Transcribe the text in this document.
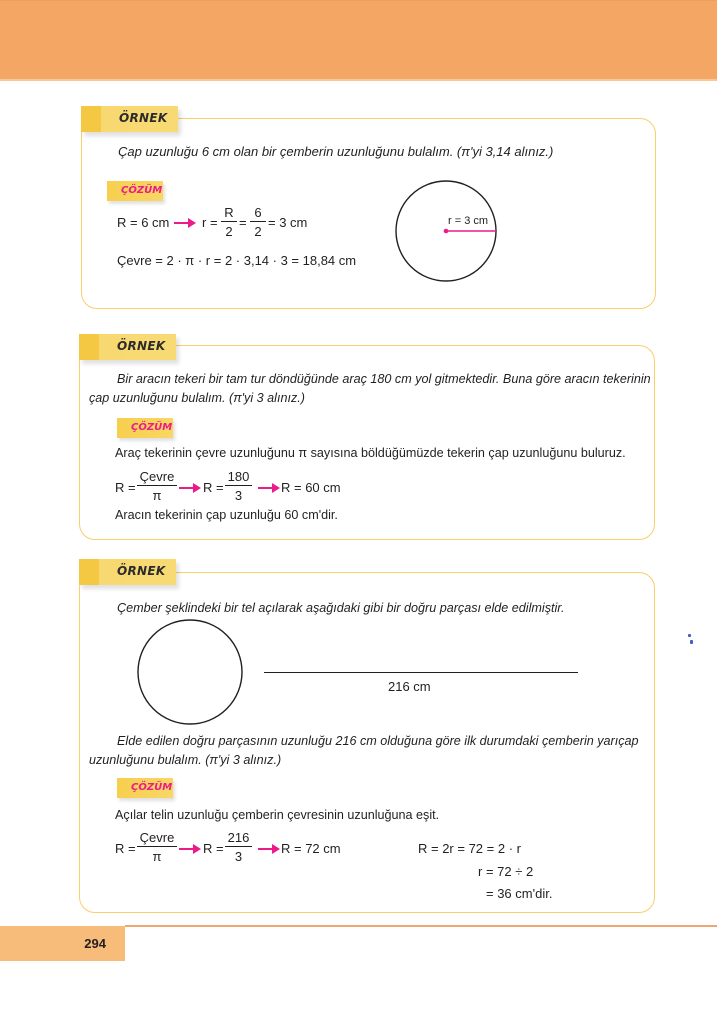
ÖRNEK
Çap uzunluğu 6 cm olan bir çemberin uzunluğunu bulalım. (π'yi 3,14 alınız.)
ÇÖZÜM
R = 6 cm	$r = \frac{R}{2} = \frac{6}{2} = 3$ cm
Çevre = 2 · π · r = 2 · 3,14 · 3 = 18,84 cm
r = 3 cm
ÖRNEK
Bir aracın tekeri bir tam tur döndüğünde araç 180 cm yol gitmektedir. Buna göre aracın tekerinin
çap uzunluğunu bulalım. (π'yi 3 alınız.)
ÇÖZÜM
Araç tekerinin çevre uzunluğunu π sayısına böldüğümüzde tekerin çap uzunluğunu buluruz.
R =
Çevre
π
$R = \frac{180}{3}$ R = 60 cm
Aracın tekerinin çap uzunluğu 60 cm'dir.
ÖRNEK
Çember şeklindeki bir tel açılarak aşağıdaki gibi bir doğru parçası elde edilmiştir.
216 cm
Elde edilen doğru parçasının uzunluğu 216 cm olduğuna göre ilk durumdaki çemberin yarıçap
uzunluğunu bulalım. (π'yi 3 alınız.)
ÇÖZÜM
Açılar telin uzunluğu çemberin çevresinin uzunluğuna eşit.
R =
Çevre
π
$R = \frac{216}{3}$ R = 72 cm	R = 2r = 72 = 2 · r
r = 72 ÷ 2
= 36 cm'dir.
294
